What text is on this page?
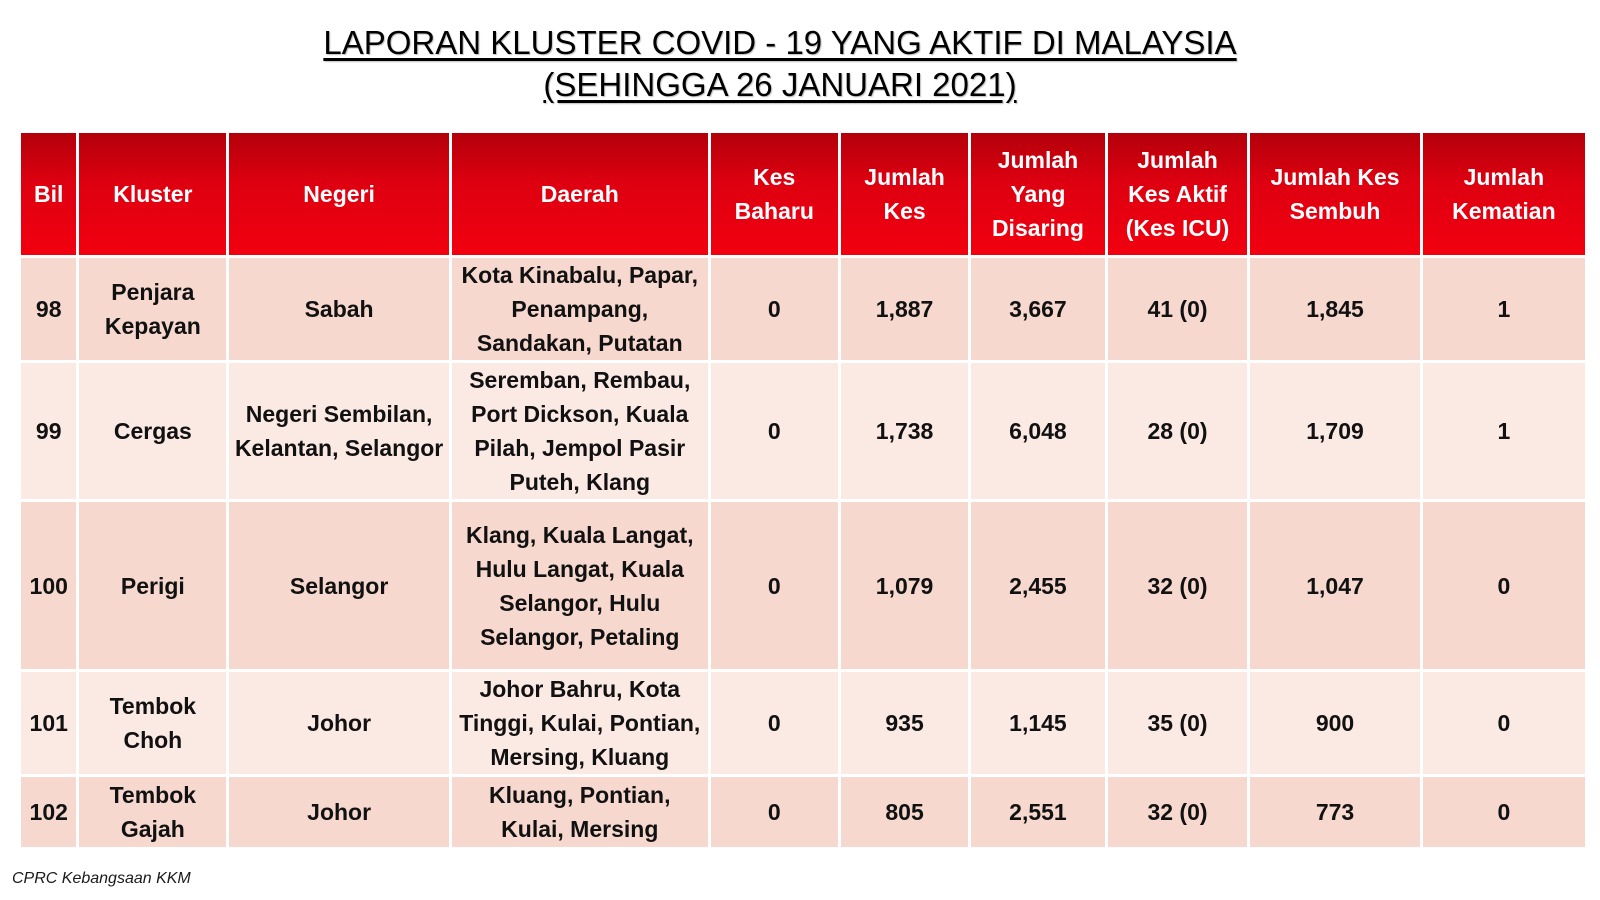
LAPORAN KLUSTER COVID - 19 YANG AKTIF DI MALAYSIA
(SEHINGGA 26 JANUARI 2021)
Bil	Kluster	Negeri	Daerah	Kes Baharu	Jumlah Kes	Jumlah Yang Disaring	Jumlah Kes Aktif (Kes ICU)	Jumlah Kes Sembuh	Jumlah Kematian
98	Penjara Kepayan	Sabah	Kota Kinabalu, Papar, Penampang, Sandakan, Putatan	0	1,887	3,667	41 (0)	1,845	1
99	Cergas	Negeri Sembilan, Kelantan, Selangor	Seremban, Rembau, Port Dickson, Kuala Pilah, Jempol Pasir Puteh, Klang	0	1,738	6,048	28 (0)	1,709	1
100	Perigi	Selangor	Klang, Kuala Langat, Hulu Langat, Kuala Selangor, Hulu Selangor, Petaling	0	1,079	2,455	32 (0)	1,047	0
101	Tembok Choh	Johor	Johor Bahru, Kota Tinggi, Kulai, Pontian, Mersing, Kluang	0	935	1,145	35 (0)	900	0
102	Tembok Gajah	Johor	Kluang, Pontian, Kulai, Mersing	0	805	2,551	32 (0)	773	0
CPRC Kebangsaan KKM
